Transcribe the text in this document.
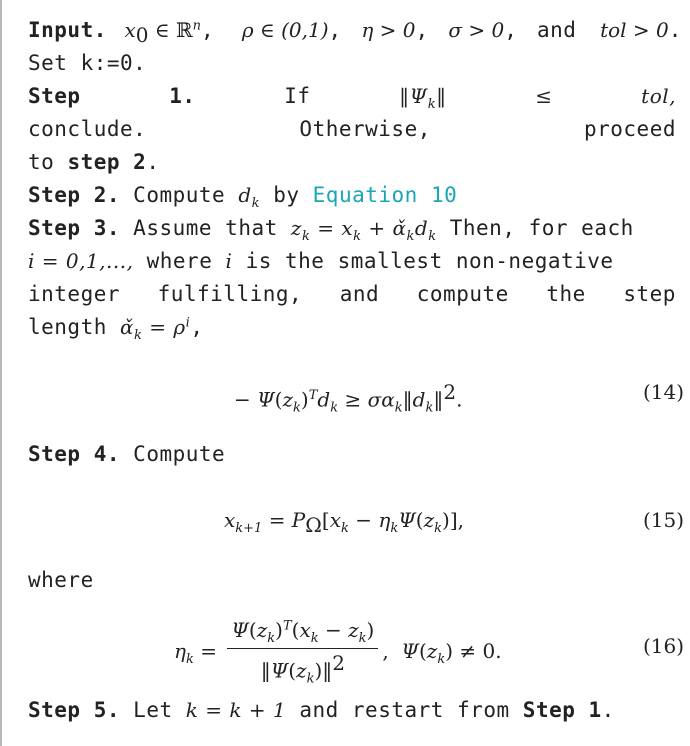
Input. $x_0$ ∈ ℝ$^n$, ρ ∈ (0,1), η > 0, σ > 0, and tol > 0.
Set k:=0.
Step	1.	If	$‖\Psi_k‖$	≤	tol,
conclude.	Otherwise,	proceed
to step 2.
Step 2. Compute $d_k$ by Equation 10
Step 3. Assume that $z_k = x_k$ + $\alphǎ_kd_k$ Then, for each
i = 0,1,..., where i is the smallest non-negative
integer fulfilling, and compute the step
length $\alphǎ_k = \rho^i$,
− $\Psi(z_k)^Td_k$ ≥ $\sigma\alpha_k‖d_k‖^2$.	(14)
Step 4. Compute
$x_{k+1} = P_\Omega[x_k - \eta_k\Psi(z_k)]$,	(15)
where
$\eta_k = \frac{\Psi(z_k)^T(x_k - z_k)}{‖\Psi(z_k)‖^2}$ ,  $\Psi(z_k) \ne 0$.	(16)
Step 5. Let k = k + 1 and restart from Step 1.
